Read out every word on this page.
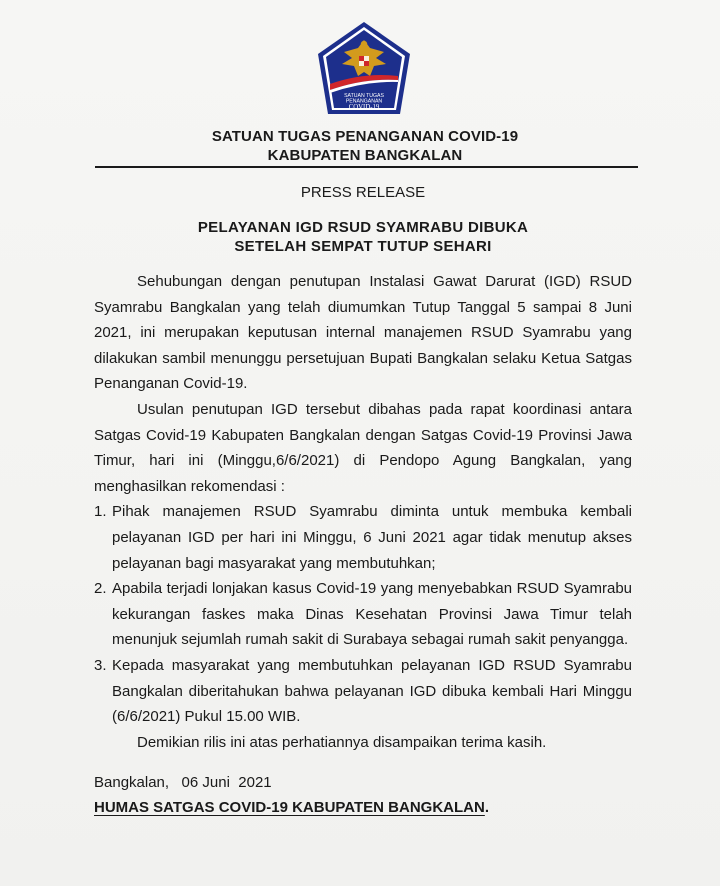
SATUAN TUGAS
PENANGANAN
COVID-19
SATUAN TUGAS PENANGANAN COVID-19
KABUPATEN BANGKALAN
PRESS RELEASE
PELAYANAN IGD RSUD SYAMRABU DIBUKA
SETELAH SEMPAT TUTUP SEHARI

Sehubungan dengan penutupan Instalasi Gawat Darurat (IGD) RSUD Syamrabu Bangkalan yang telah diumumkan Tutup Tanggal 5 sampai 8 Juni 2021, ini merupakan keputusan internal manajemen RSUD Syamrabu yang dilakukan sambil menunggu persetujuan Bupati Bangkalan selaku Ketua Satgas Penanganan Covid-19.

Usulan penutupan IGD tersebut dibahas pada rapat koordinasi antara Satgas Covid-19 Kabupaten Bangkalan dengan Satgas Covid-19 Provinsi Jawa Timur, hari ini (Minggu,6/6/2021) di Pendopo Agung Bangkalan, yang menghasilkan rekomendasi :

1. Pihak manajemen RSUD Syamrabu diminta untuk membuka kembali pelayanan IGD per hari ini Minggu, 6 Juni 2021 agar tidak menutup akses pelayanan bagi masyarakat yang membutuhkan;
2. Apabila terjadi lonjakan kasus Covid-19 yang menyebabkan RSUD Syamrabu kekurangan faskes maka Dinas Kesehatan Provinsi Jawa Timur telah menunjuk sejumlah rumah sakit di Surabaya sebagai rumah sakit penyangga.
3. Kepada masyarakat yang membutuhkan pelayanan IGD RSUD Syamrabu Bangkalan diberitahukan bahwa pelayanan IGD dibuka kembali Hari Minggu (6/6/2021) Pukul 15.00 WIB.

Demikian rilis ini atas perhatiannya disampaikan terima kasih.

Bangkalan,   06 Juni  2021
HUMAS SATGAS COVID-19 KABUPATEN BANGKALAN.
